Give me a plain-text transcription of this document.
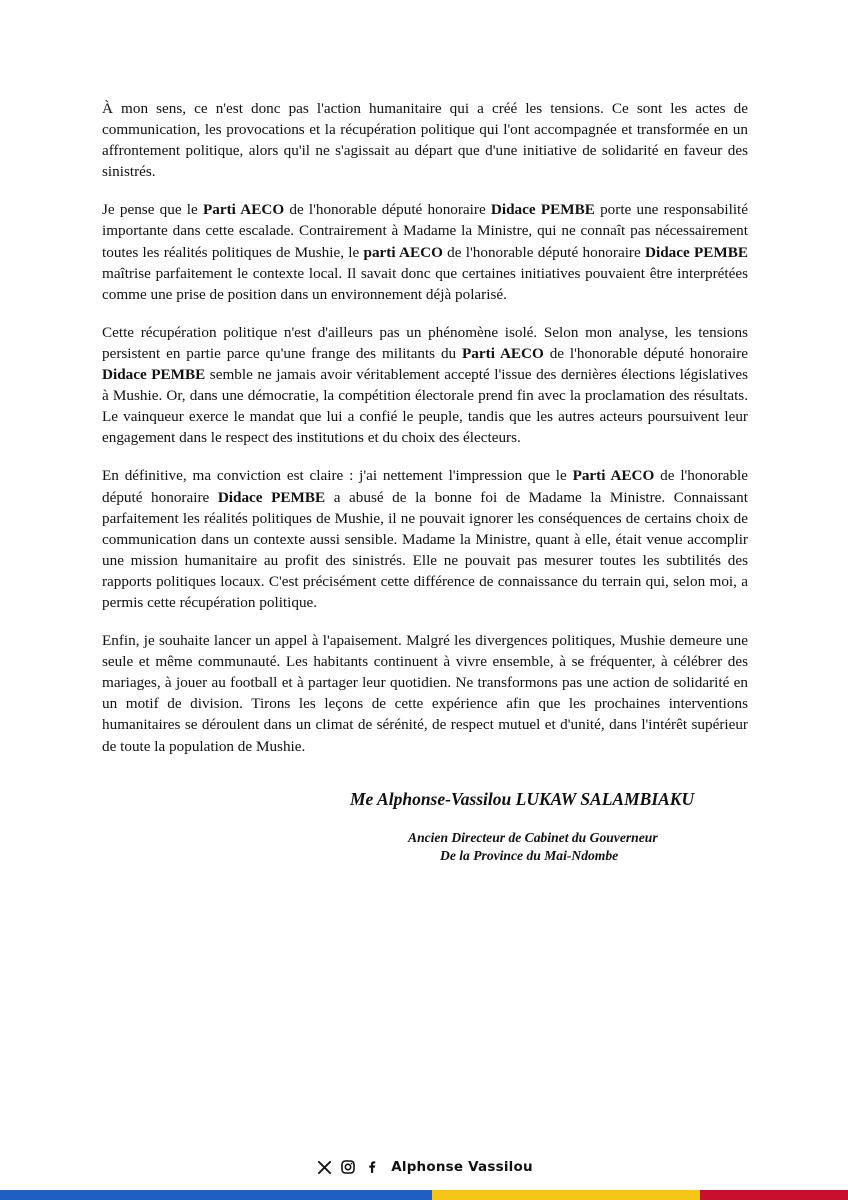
À mon sens, ce n'est donc pas l'action humanitaire qui a créé les tensions. Ce sont les actes de communication, les provocations et la récupération politique qui l'ont accompagnée et transformée en un affrontement politique, alors qu'il ne s'agissait au départ que d'une initiative de solidarité en faveur des sinistrés.

Je pense que le Parti AECO de l'honorable député honoraire Didace PEMBE porte une responsabilité importante dans cette escalade. Contrairement à Madame la Ministre, qui ne connaît pas nécessairement toutes les réalités politiques de Mushie, le parti AECO de l'honorable député honoraire Didace PEMBE maîtrise parfaitement le contexte local. Il savait donc que certaines initiatives pouvaient être interprétées comme une prise de position dans un environnement déjà polarisé.

Cette récupération politique n'est d'ailleurs pas un phénomène isolé. Selon mon analyse, les tensions persistent en partie parce qu'une frange des militants du Parti AECO de l'honorable député honoraire Didace PEMBE semble ne jamais avoir véritablement accepté l'issue des dernières élections législatives à Mushie. Or, dans une démocratie, la compétition électorale prend fin avec la proclamation des résultats. Le vainqueur exerce le mandat que lui a confié le peuple, tandis que les autres acteurs poursuivent leur engagement dans le respect des institutions et du choix des électeurs.

En définitive, ma conviction est claire : j'ai nettement l'impression que le Parti AECO de l'honorable député honoraire Didace PEMBE a abusé de la bonne foi de Madame la Ministre. Connaissant parfaitement les réalités politiques de Mushie, il ne pouvait ignorer les conséquences de certains choix de communication dans un contexte aussi sensible. Madame la Ministre, quant à elle, était venue accomplir une mission humanitaire au profit des sinistrés. Elle ne pouvait pas mesurer toutes les subtilités des rapports politiques locaux. C'est précisément cette différence de connaissance du terrain qui, selon moi, a permis cette récupération politique.

Enfin, je souhaite lancer un appel à l'apaisement. Malgré les divergences politiques, Mushie demeure une seule et même communauté. Les habitants continuent à vivre ensemble, à se fréquenter, à célébrer des mariages, à jouer au football et à partager leur quotidien. Ne transformons pas une action de solidarité en un motif de division. Tirons les leçons de cette expérience afin que les prochaines interventions humanitaires se déroulent dans un climat de sérénité, de respect mutuel et d'unité, dans l'intérêt supérieur de toute la population de Mushie.

Me Alphonse-Vassilou LUKAW SALAMBIAKU
Ancien Directeur de Cabinet du Gouverneur
De la Province du Mai-Ndombe
Alphonse Vassilou
